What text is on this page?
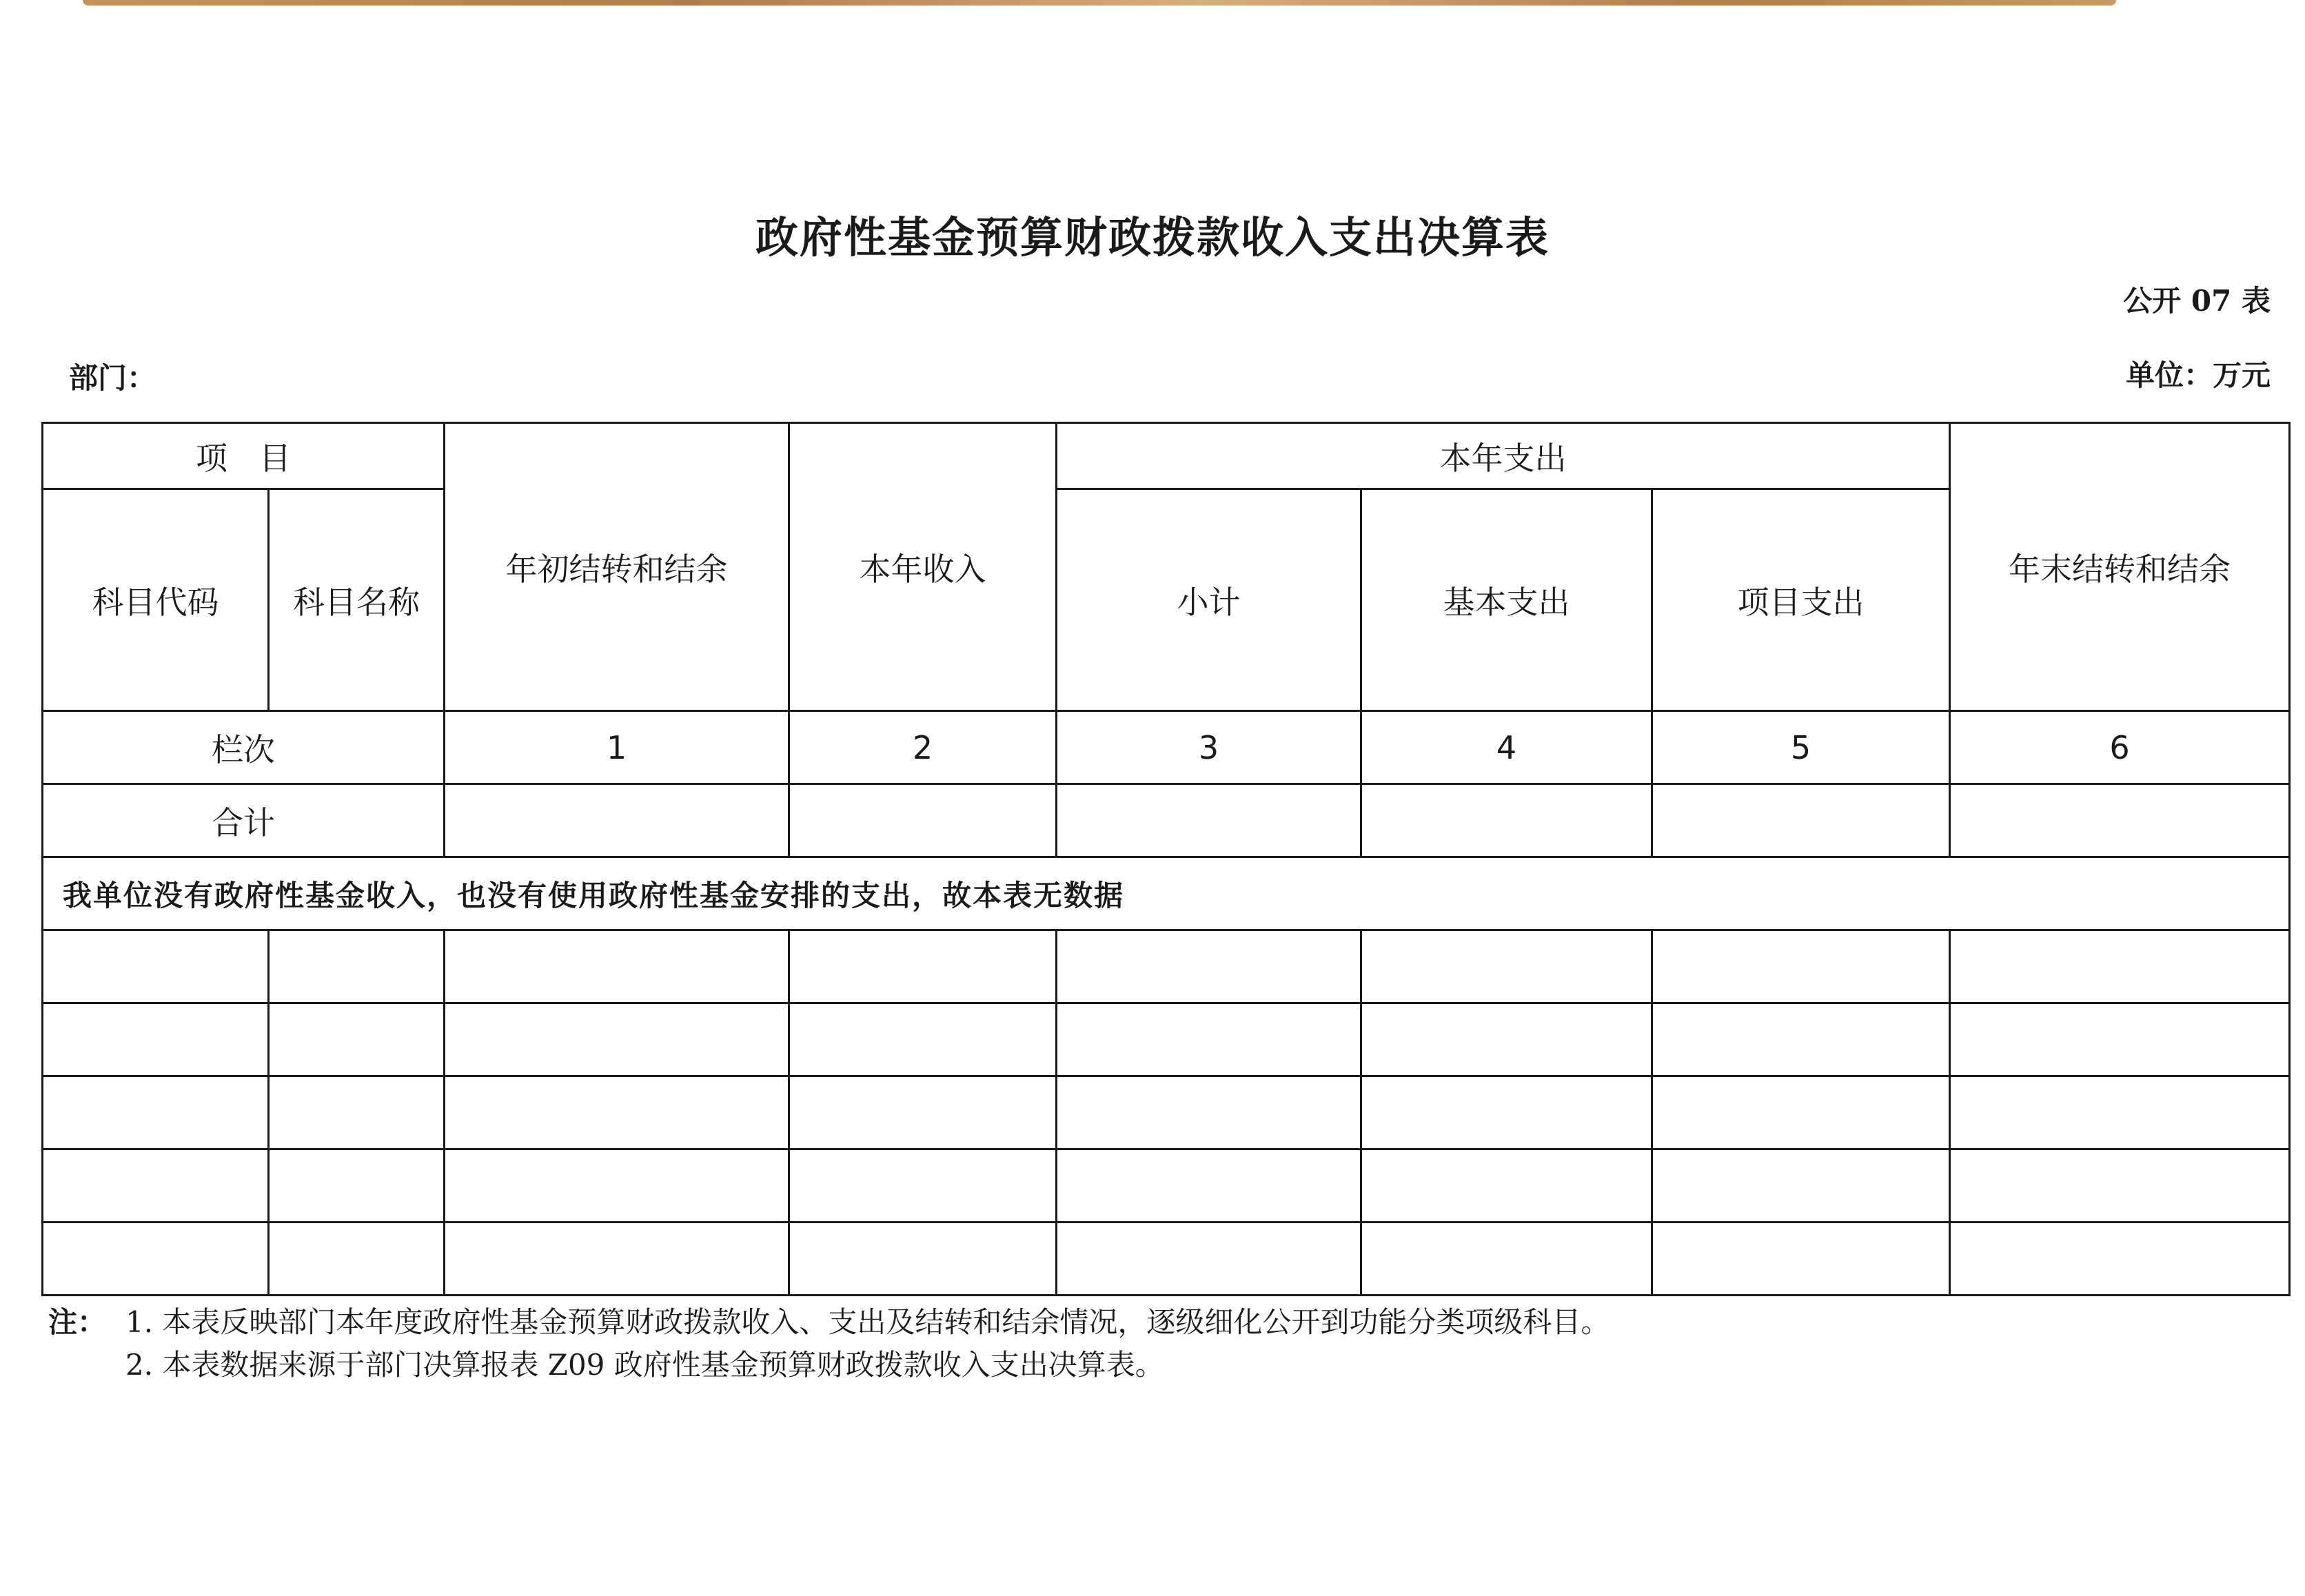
政府性基金预算财政拨款收入支出决算表
公开 07 表
部门：	单位：万元
项　目		年初结转和结余	本年收入	本年支出			年末结转和结余
科目代码	科目名称			小计	基本支出	项目支出	
栏次		1	2	3	4	5	6
合计							
我单位没有政府性基金收入，也没有使用政府性基金安排的支出，故本表无数据							

注： 1. 本表反映部门本年度政府性基金预算财政拨款收入、支出及结转和结余情况，逐级细化公开到功能分类项级科目。
2. 本表数据来源于部门决算报表 Z09 政府性基金预算财政拨款收入支出决算表。
